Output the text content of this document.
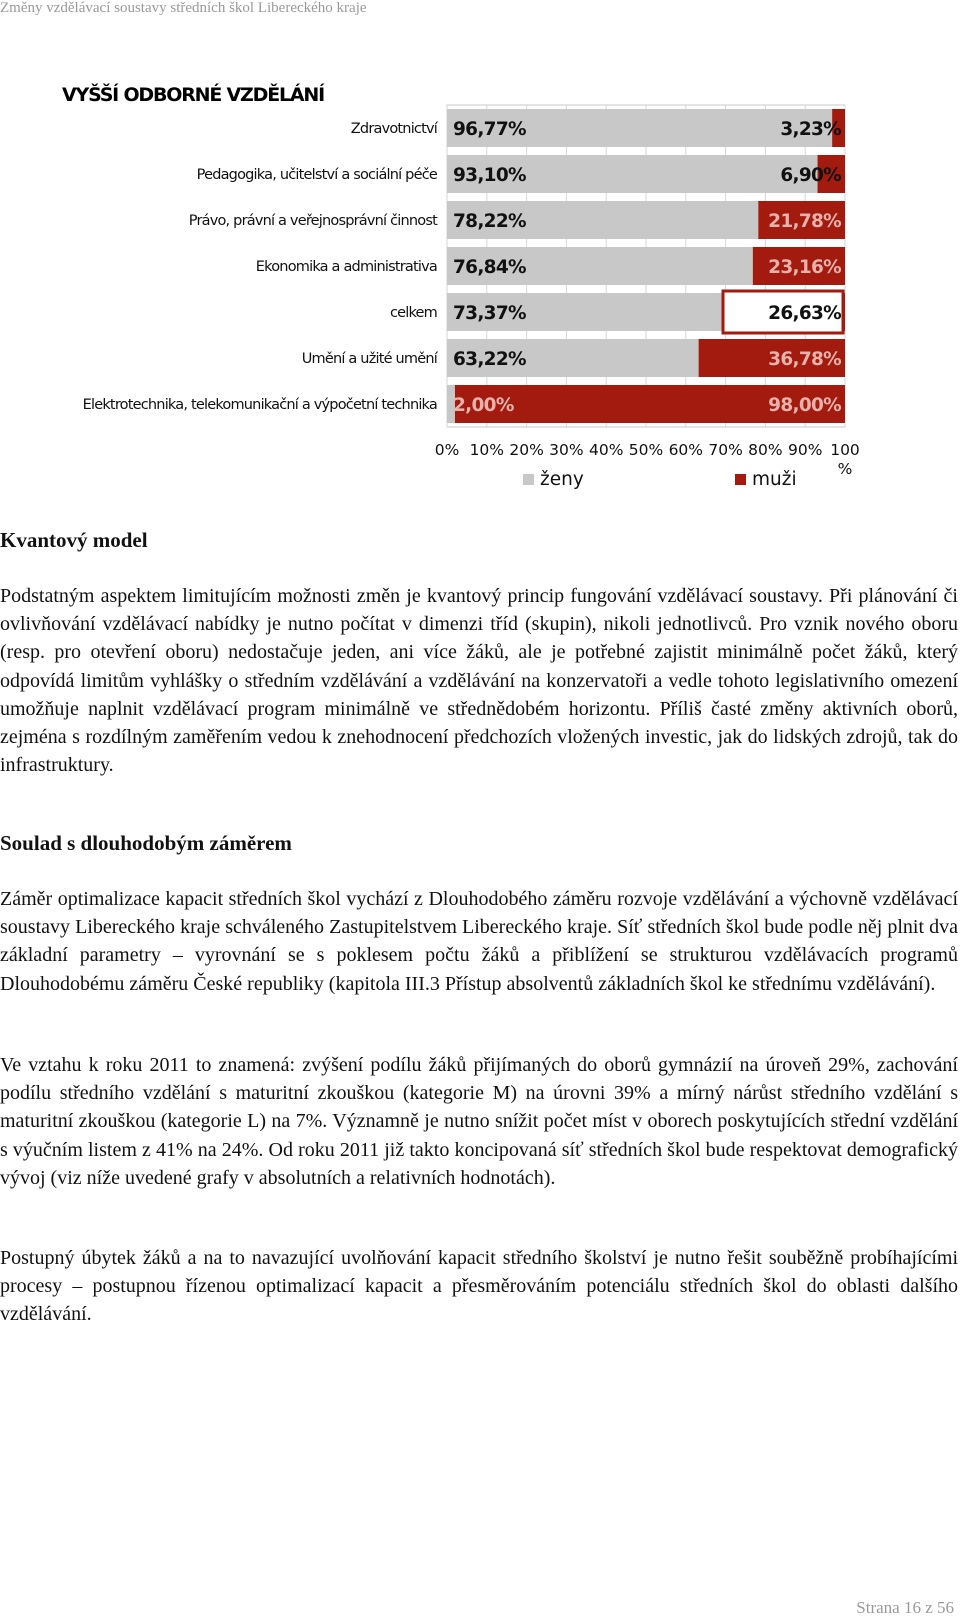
Změny vzdělávací soustavy středních škol Libereckého kraje
VYŠŠÍ ODBORNÉ VZDĚLÁNÍ
Zdravotnictví 96,77%	3,23%
Pedagogika, učitelství a sociální péče 93,10%	6,90%
Právo, právní a veřejnosprávní činnost 78,22%	21,78%
Ekonomika a administrativa 76,84%	23,16%
celkem 73,37%	26,63%
Umění a užité umění 63,22%	36,78%
Elektrotechnika, telekomunikační a výpočetní technika 2,00%	98,00%
0% 10% 20% 30% 40% 50% 60% 70% 80% 90% 100 %
ženy	muži
Kvantový model

Podstatným aspektem limitujícím možnosti změn je kvantový princip fungování vzdělávací soustavy. Při plánování či ovlivňování vzdělávací nabídky je nutno počítat v dimenzi tříd (skupin), nikoli jednotlivců. Pro vznik nového oboru (resp. pro otevření oboru) nedostačuje jeden, ani více žáků, ale je potřebné zajistit minimálně počet žáků, který odpovídá limitům vyhlášky o středním vzdělávání a vzdělávání na konzervatoři a vedle tohoto legislativního omezení umožňuje naplnit vzdělávací program minimálně ve střednědobém horizontu. Příliš časté změny aktivních oborů, zejména s rozdílným zaměřením vedou k znehodnocení předchozích vložených investic, jak do lidských zdrojů, tak do infrastruktury.

Soulad s dlouhodobým záměrem

Záměr optimalizace kapacit středních škol vychází z Dlouhodobého záměru rozvoje vzdělávání a výchovně vzdělávací soustavy Libereckého kraje schváleného Zastupitelstvem Libereckého kraje. Síť středních škol bude podle něj plnit dva základní parametry – vyrovnání se s poklesem počtu žáků a přiblížení se strukturou vzdělávacích programů Dlouhodobému záměru České republiky (kapitola III.3 Přístup absolventů základních škol ke střednímu vzdělávání).

Ve vztahu k roku 2011 to znamená: zvýšení podílu žáků přijímaných do oborů gymnázií na úroveň 29%, zachování podílu středního vzdělání s maturitní zkouškou (kategorie M) na úrovni 39% a mírný nárůst středního vzdělání s maturitní zkouškou (kategorie L) na 7%. Významně je nutno snížit počet míst v oborech poskytujících střední vzdělání s výučním listem z 41% na 24%. Od roku 2011 již takto koncipovaná síť středních škol bude respektovat demografický vývoj (viz níže uvedené grafy v absolutních a relativních hodnotách).

Postupný úbytek žáků a na to navazující uvolňování kapacit středního školství je nutno řešit souběžně probíhajícími procesy – postupnou řízenou optimalizací kapacit a přesměrováním potenciálu středních škol do oblasti dalšího vzdělávání.

Strana 16 z 56
